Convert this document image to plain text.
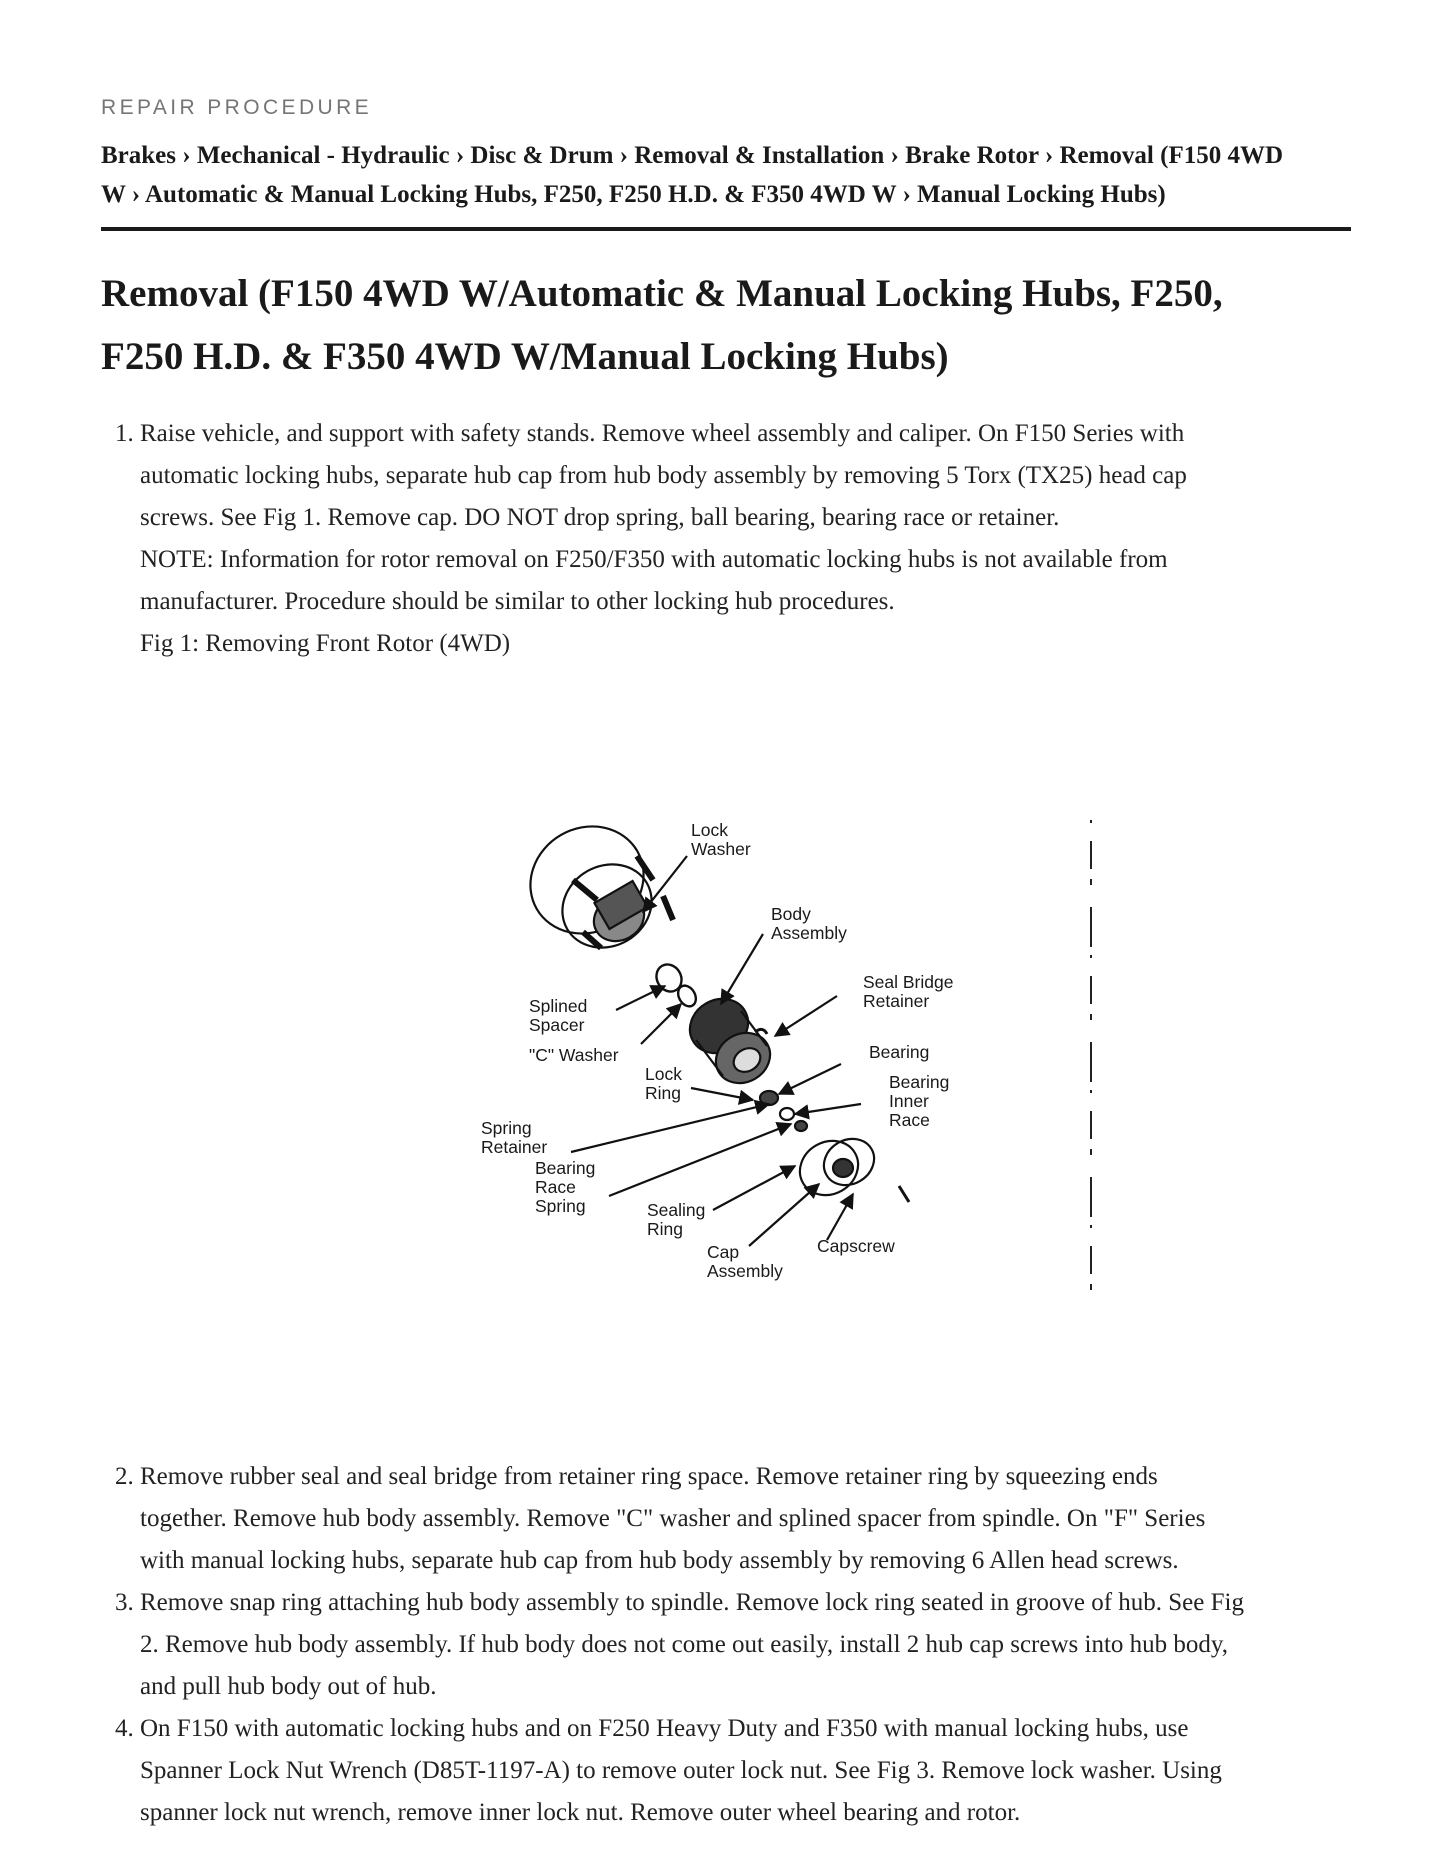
REPAIR PROCEDURE
Brakes › Mechanical - Hydraulic › Disc & Drum › Removal & Installation › Brake Rotor › Removal (F150 4WD
W › Automatic & Manual Locking Hubs, F250, F250 H.D. & F350 4WD W › Manual Locking Hubs)
Removal (F150 4WD W/Automatic & Manual Locking Hubs, F250,
F250 H.D. & F350 4WD W/Manual Locking Hubs)
1. Raise vehicle, and support with safety stands. Remove wheel assembly and caliper. On F150 Series with
automatic locking hubs, separate hub cap from hub body assembly by removing 5 Torx (TX25) head cap
screws. See Fig 1. Remove cap. DO NOT drop spring, ball bearing, bearing race or retainer.
NOTE: Information for rotor removal on F250/F350 with automatic locking hubs is not available from
manufacturer. Procedure should be similar to other locking hub procedures.
Fig 1: Removing Front Rotor (4WD)
Lock
Washer
Body
Assembly
Seal Bridge
Retainer
Splined
Spacer
"C" Washer	Bearing
Lock
Ring
Bearing
Inner
Race
Spring
Retainer
Bearing
Race
Spring	Sealing
Ring
Cap
Assembly
Capscrew
2. Remove rubber seal and seal bridge from retainer ring space. Remove retainer ring by squeezing ends
together. Remove hub body assembly. Remove "C" washer and splined spacer from spindle. On "F" Series
with manual locking hubs, separate hub cap from hub body assembly by removing 6 Allen head screws.
3. Remove snap ring attaching hub body assembly to spindle. Remove lock ring seated in groove of hub. See Fig
2. Remove hub body assembly. If hub body does not come out easily, install 2 hub cap screws into hub body,
and pull hub body out of hub.
4. On F150 with automatic locking hubs and on F250 Heavy Duty and F350 with manual locking hubs, use
Spanner Lock Nut Wrench (D85T-1197-A) to remove outer lock nut. See Fig 3. Remove lock washer. Using
spanner lock nut wrench, remove inner lock nut. Remove outer wheel bearing and rotor.
